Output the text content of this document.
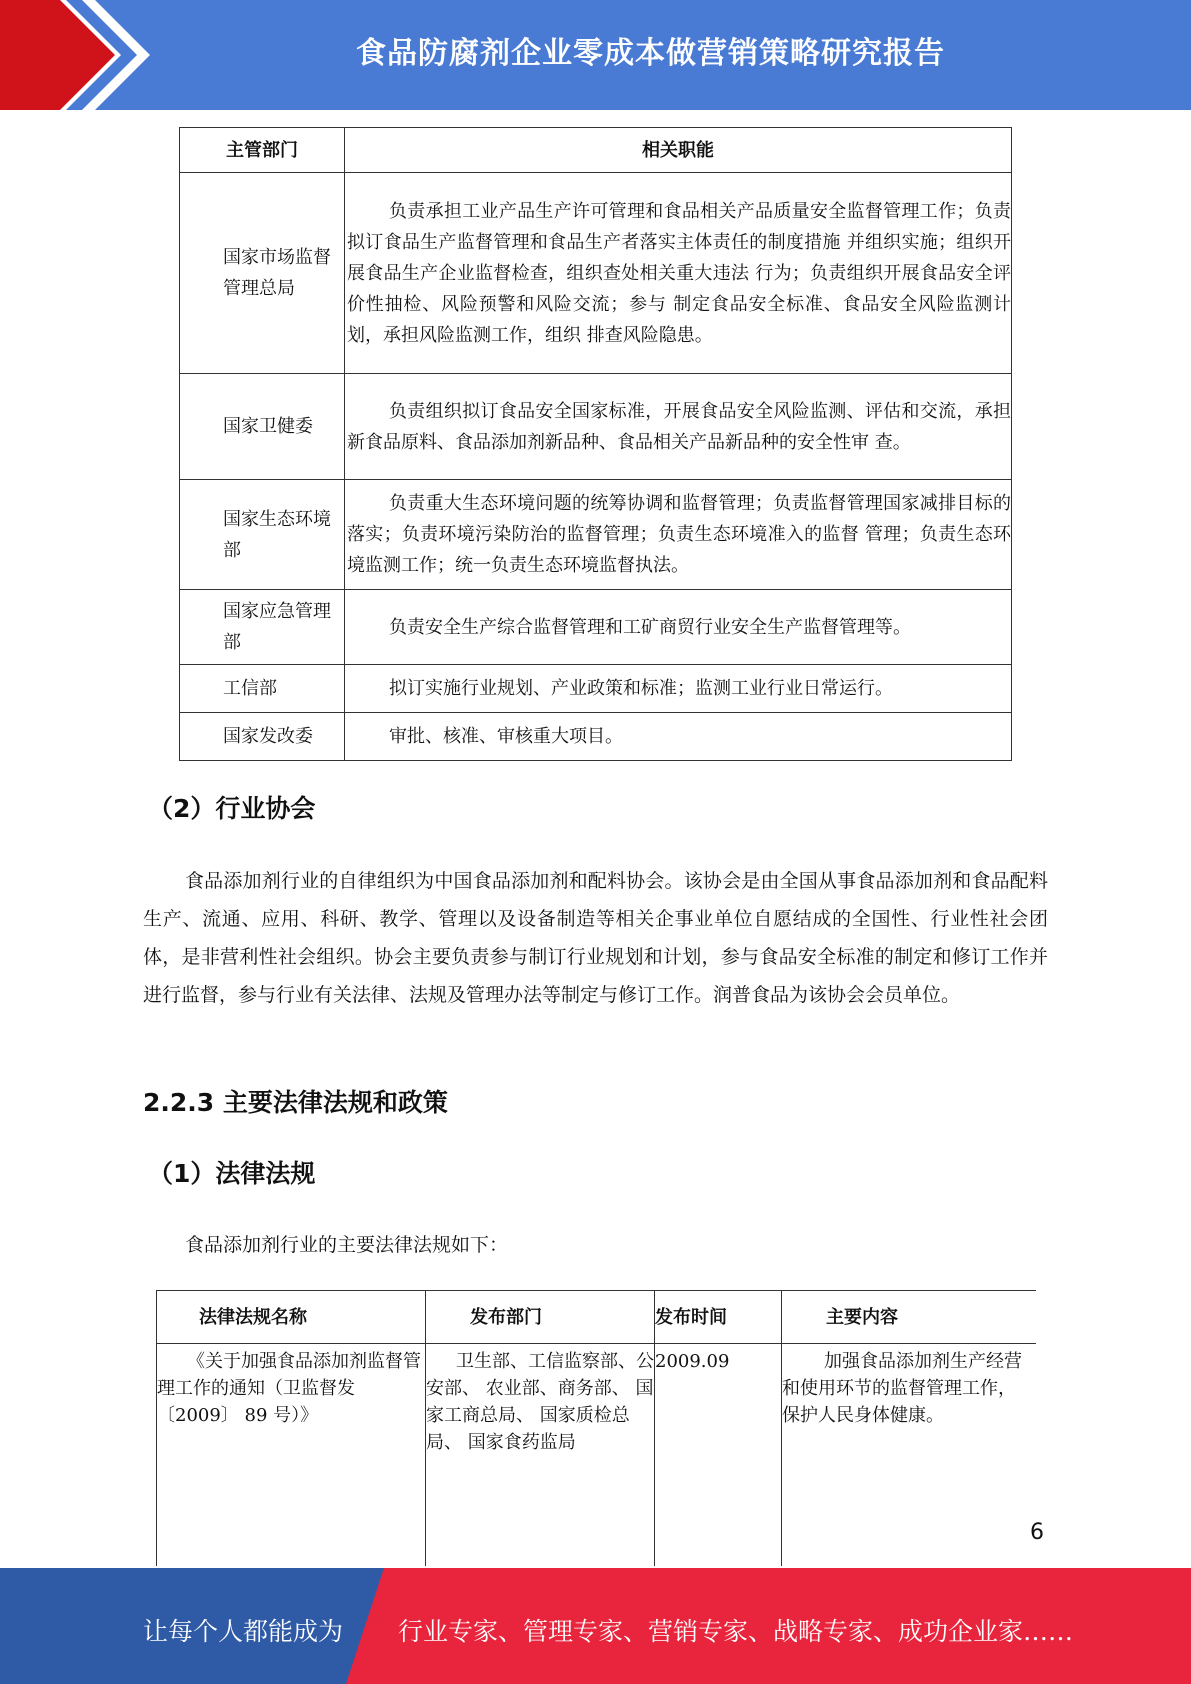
食品防腐剂企业零成本做营销策略研究报告
主管部门	相关职能
国家市场监督管理总局	负责承担工业产品生产许可管理和食品相关产品质量安全监督管理工作；负责拟订食品生产监督管理和食品生产者落实主体责任的制度措施 并组织实施；组织开展食品生产企业监督检查，组织查处相关重大违法 行为；负责组织开展食品安全评价性抽检、风险预警和风险交流；参与 制定食品安全标准、食品安全风险监测计划，承担风险监测工作，组织 排查风险隐患。
国家卫健委	负责组织拟订食品安全国家标准，开展食品安全风险监测、评估和交流，承担新食品原料、食品添加剂新品种、食品相关产品新品种的安全性审 查。
国家生态环境部	负责重大生态环境问题的统筹协调和监督管理；负责监督管理国家减排目标的落实；负责环境污染防治的监督管理；负责生态环境准入的监督 管理；负责生态环境监测工作；统一负责生态环境监督执法。
国家应急管理部	负责安全生产综合监督管理和工矿商贸行业安全生产监督管理等。
工信部	拟订实施行业规划、产业政策和标准；监测工业行业日常运行。
国家发改委	审批、核准、审核重大项目。
（2）行业协会
食品添加剂行业的自律组织为中国食品添加剂和配料协会。该协会是由全国从事食品添加剂和食品配料生产、流通、应用、科研、教学、管理以及设备制造等相关企事业单位自愿结成的全国性、行业性社会团体，是非营利性社会组织。协会主要负责参与制订行业规划和计划，参与食品安全标准的制定和修订工作并进行监督，参与行业有关法律、法规及管理办法等制定与修订工作。润普食品为该协会会员单位。
2.2.3 主要法律法规和政策
（1）法律法规
食品添加剂行业的主要法律法规如下：
法律法规名称	发布部门	发布时间	主要内容
《关于加强食品添加剂监督管理工作的通知（卫监督发〔2009〕 89 号）》	卫生部、工信监察部、公安部、 农业部、商务部、 国家工商总局、 国家质检总局、 国家食药监局	2009.09	加强食品添加剂生产经营和使用环节的监督管理工作， 保护人民身体健康。
6
让每个人都能成为 行业专家、管理专家、营销专家、战略专家、成功企业家……
